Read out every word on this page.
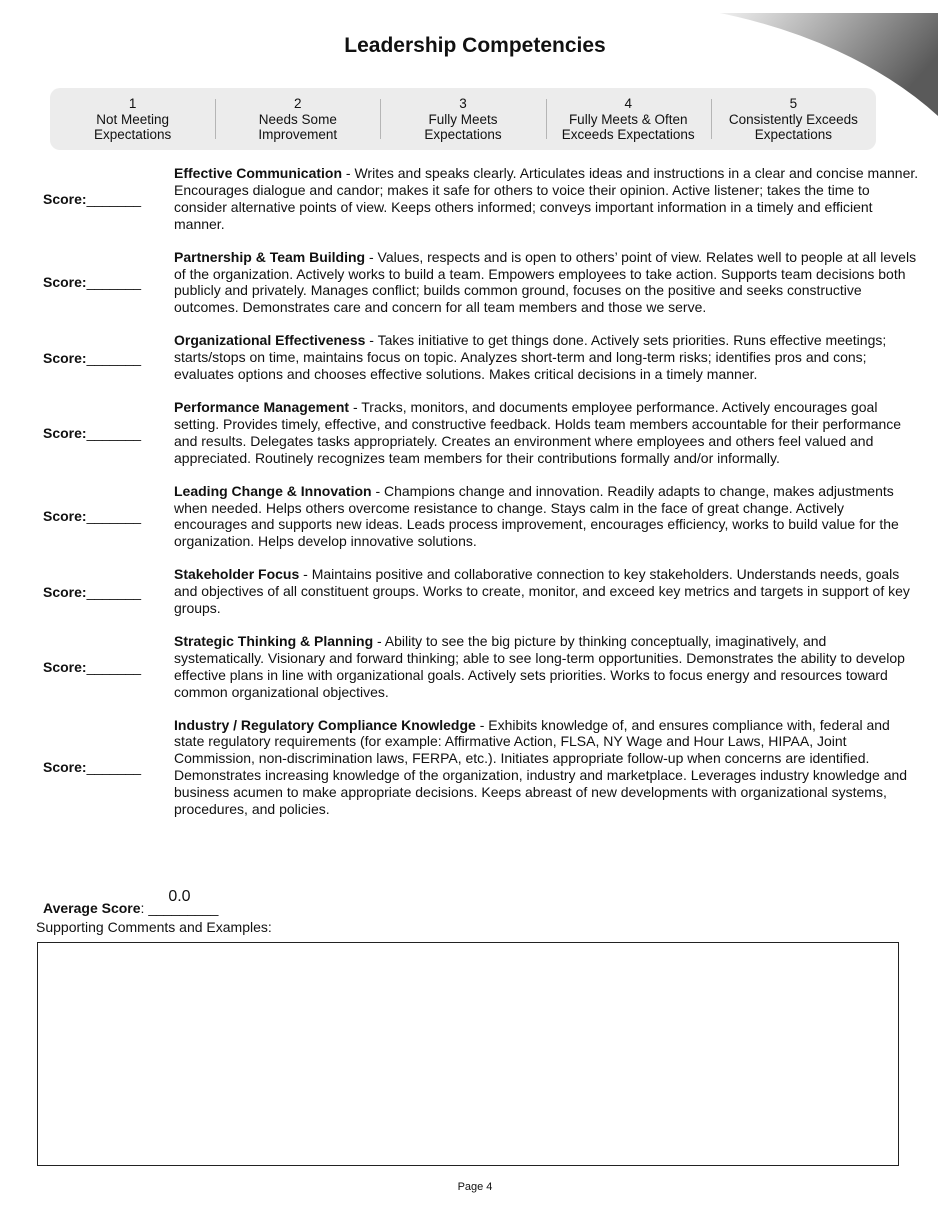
Leadership Competencies
1
Not Meeting
Expectations
2
Needs Some
Improvement
3
Fully Meets
Expectations
4
Fully Meets & Often
Exceeds Expectations
5
Consistently Exceeds
Expectations
Score: _______
Effective Communication - Writes and speaks clearly. Articulates ideas and instructions in a clear and concise manner. Encourages dialogue and candor; makes it safe for others to voice their opinion. Active listener; takes the time to consider alternative points of view. Keeps others informed; conveys important information in a timely and efficient manner.
Score: _______
Partnership & Team Building - Values, respects and is open to others’ point of view. Relates well to people at all levels of the organization. Actively works to build a team. Empowers employees to take action. Supports team decisions both publicly and privately. Manages conflict; builds common ground, focuses on the positive and seeks constructive outcomes. Demonstrates care and concern for all team members and those we serve.
Score: _______
Organizational Effectiveness - Takes initiative to get things done. Actively sets priorities. Runs effective meetings; starts/stops on time, maintains focus on topic. Analyzes short-term and long-term risks; identifies pros and cons; evaluates options and chooses effective solutions. Makes critical decisions in a timely manner.
Score: _______
Performance Management - Tracks, monitors, and documents employee performance. Actively encourages goal setting. Provides timely, effective, and constructive feedback. Holds team members accountable for their performance and results. Delegates tasks appropriately. Creates an environment where employees and others feel valued and appreciated. Routinely recognizes team members for their contributions formally and/or informally.
Score: _______
Leading Change & Innovation - Champions change and innovation. Readily adapts to change, makes adjustments when needed. Helps others overcome resistance to change. Stays calm in the face of great change. Actively encourages and supports new ideas. Leads process improvement, encourages efficiency, works to build value for the organization. Helps develop innovative solutions.
Score: _______
Stakeholder Focus - Maintains positive and collaborative connection to key stakeholders. Understands needs, goals and objectives of all constituent groups. Works to create, monitor, and exceed key metrics and targets in support of key groups.
Score: _______
Strategic Thinking & Planning - Ability to see the big picture by thinking conceptually, imaginatively, and systematically. Visionary and forward thinking; able to see long-term opportunities. Demonstrates the ability to develop effective plans in line with organizational goals. Actively sets priorities. Works to focus energy and resources toward common organizational objectives.
Score: _______
Industry / Regulatory Compliance Knowledge - Exhibits knowledge of, and ensures compliance with, federal and state regulatory requirements (for example: Affirmative Action, FLSA, NY Wage and Hour Laws, HIPAA, Joint Commission, non-discrimination laws, FERPA, etc.). Initiates appropriate follow-up when concerns are identified. Demonstrates increasing knowledge of the organization, industry and marketplace. Leverages industry knowledge and business acumen to make appropriate decisions. Keeps abreast of new developments with organizational systems, procedures, and policies.
Average Score: _________
0.0
Supporting Comments and Examples:
Page 4
